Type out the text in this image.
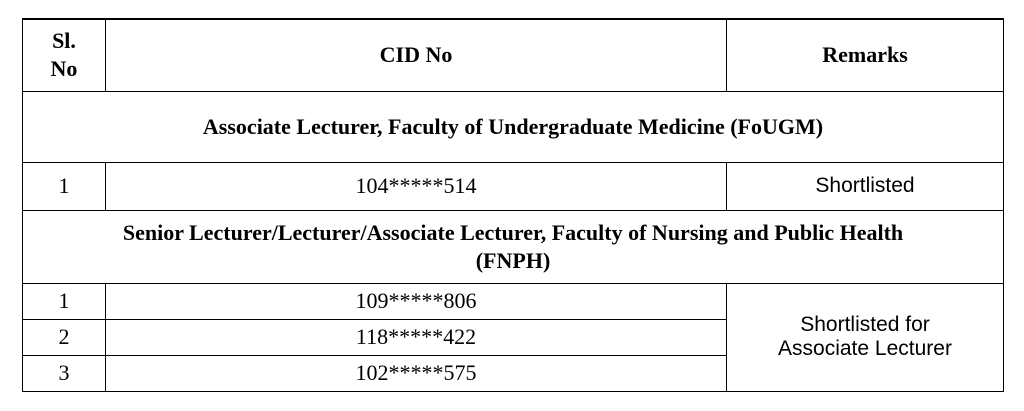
Sl.
No	CID No	Remarks
Associate Lecturer, Faculty of Undergraduate Medicine (FoUGM)		
1	104*****514	Shortlisted
Senior Lecturer/Lecturer/Associate Lecturer, Faculty of Nursing and Public Health
(FNPH)		
1	109*****806	Shortlisted for
Associate Lecturer
2	118*****422	
3	102*****575	
